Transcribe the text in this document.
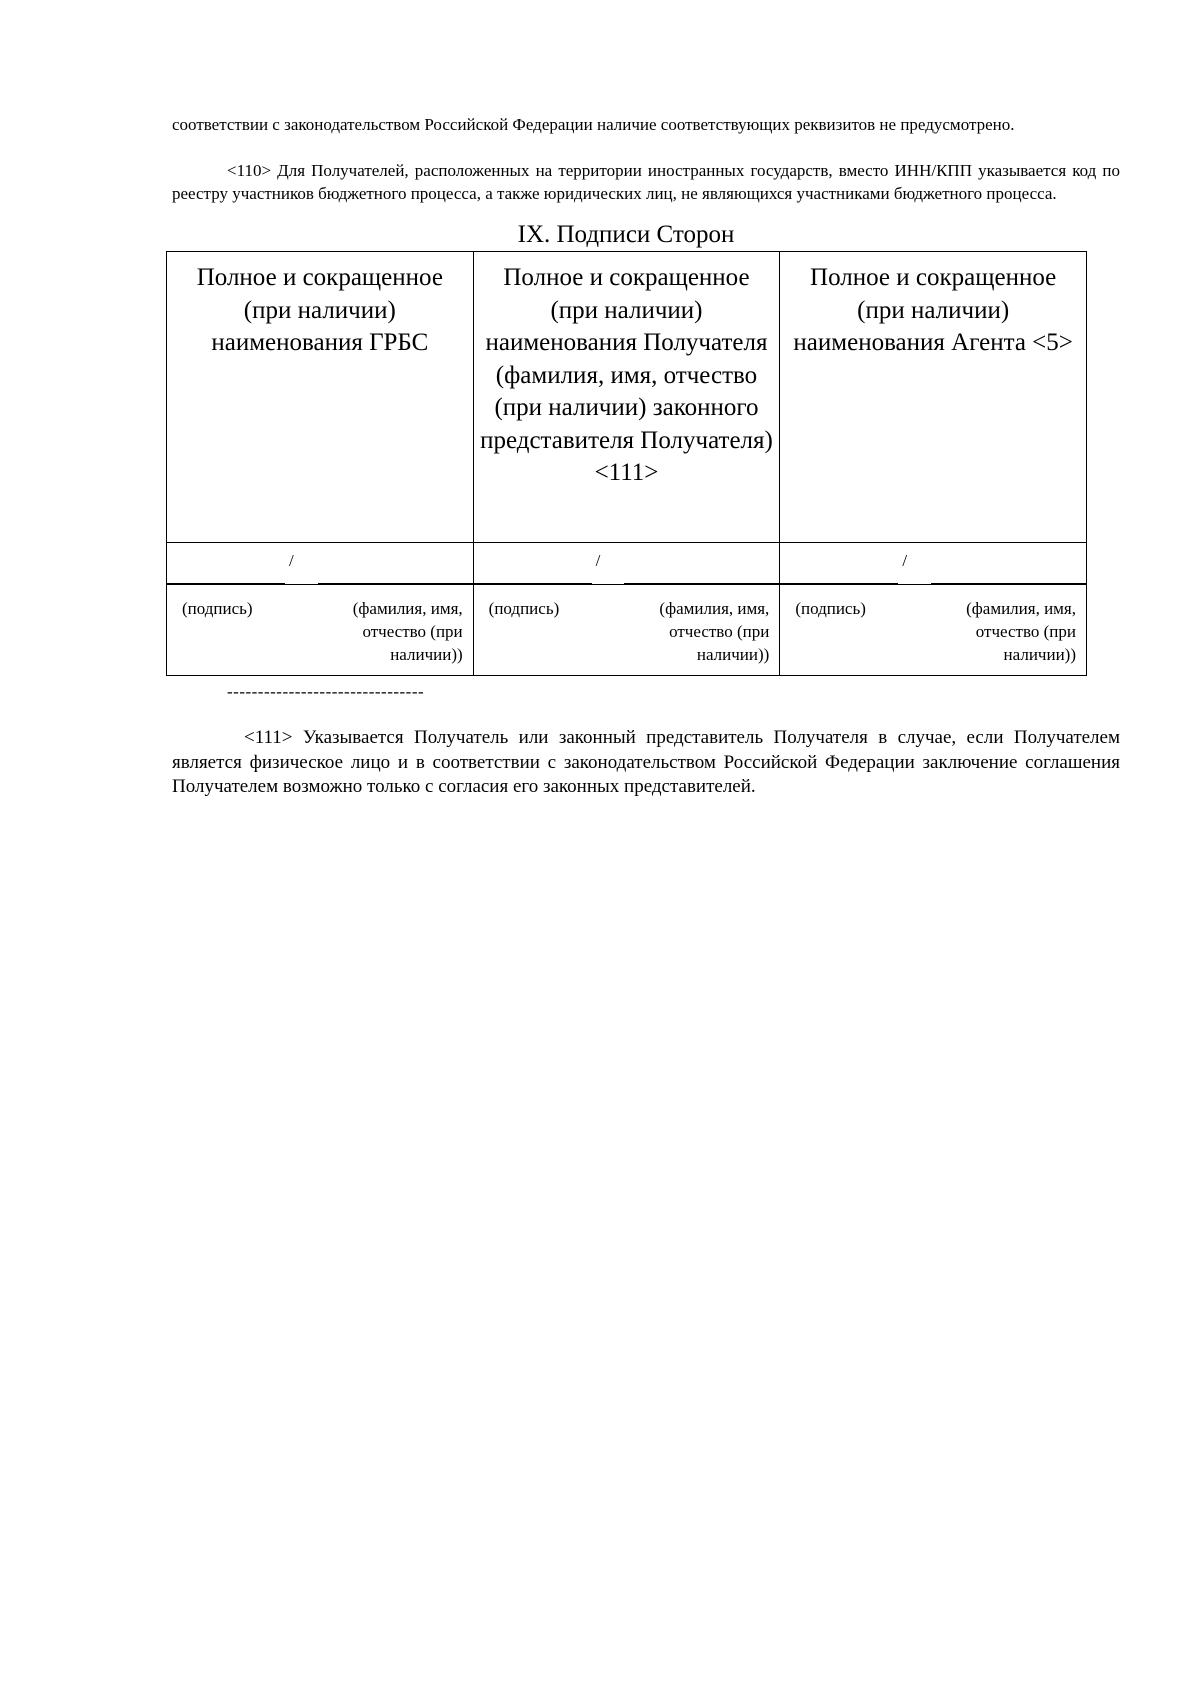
соответствии с законодательством Российской Федерации наличие соответствующих реквизитов не предусмотрено.

<110> Для Получателей, расположенных на территории иностранных государств, вместо ИНН/КПП указывается код по реестру участников бюджетного процесса, а также юридических лиц, не являющихся участниками бюджетного процесса.

IX. Подписи Сторон
Полное и сокращенное (при наличии) наименования ГРБС	Полное и сокращенное (при наличии) наименования Получателя (фамилия, имя, отчество (при наличии) законного представителя Получателя) <111>	Полное и сокращенное (при наличии) наименования Агента <5>

/	/	/

(подпись) (фамилия, имя, отчество (при наличии))	(подпись) (фамилия, имя, отчество (при наличии))	(подпись) (фамилия, имя, отчество (при наличии))
--------------------------------

<111> Указывается Получатель или законный представитель Получателя в случае, если Получателем является физическое лицо и в соответствии с законодательством Российской Федерации заключение соглашения Получателем возможно только с согласия его законных представителей.
